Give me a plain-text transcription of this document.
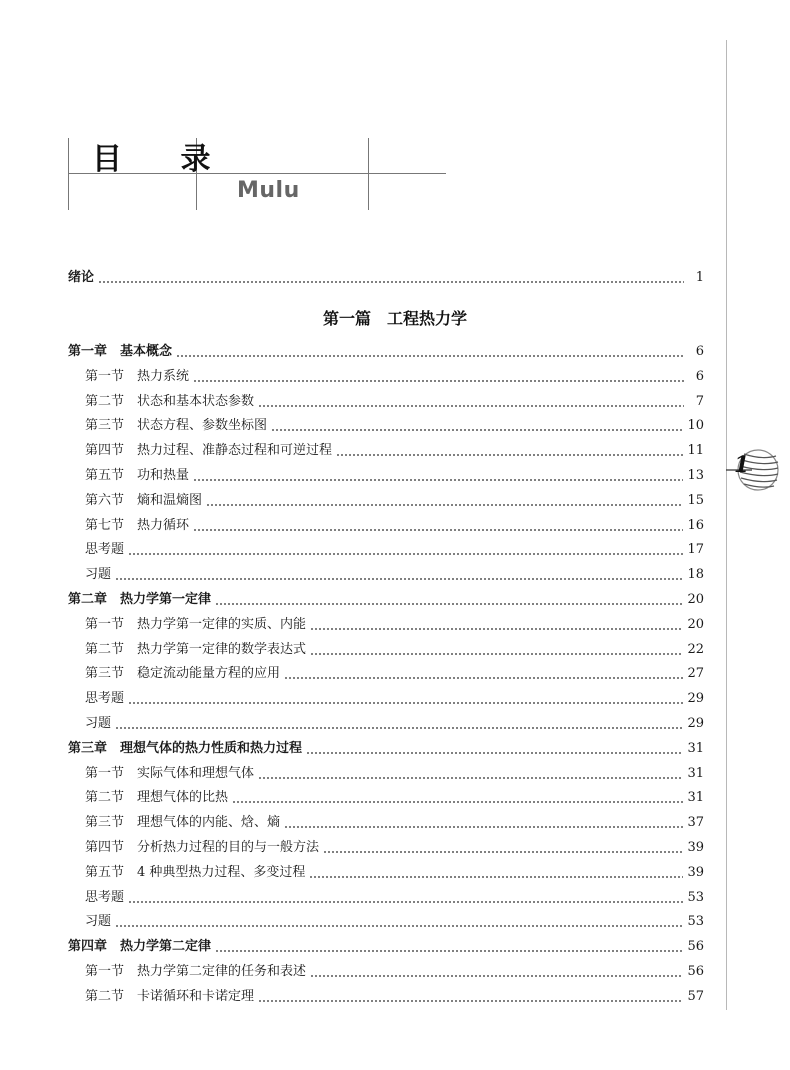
目 录
Mulu
绪论	1
第一篇　工程热力学
第一章　基本概念	6
第一节　热力系统	6
第二节　状态和基本状态参数	7
第三节　状态方程、参数坐标图	10
第四节　热力过程、准静态过程和可逆过程	11
第五节　功和热量	13
第六节　熵和温熵图	15
第七节　热力循环	16
思考题	17
习题	18
第二章　热力学第一定律	20
第一节　热力学第一定律的实质、内能	20
第二节　热力学第一定律的数学表达式	22
第三节　稳定流动能量方程的应用	27
思考题	29
习题	29
第三章　理想气体的热力性质和热力过程	31
第一节　实际气体和理想气体	31
第二节　理想气体的比热	31
第三节　理想气体的内能、焓、熵	37
第四节　分析热力过程的目的与一般方法	39
第五节　4 种典型热力过程、多变过程	39
思考题	53
习题	53
第四章　热力学第二定律	56
第一节　热力学第二定律的任务和表述	56
第二节　卡诺循环和卡诺定理	57
1
